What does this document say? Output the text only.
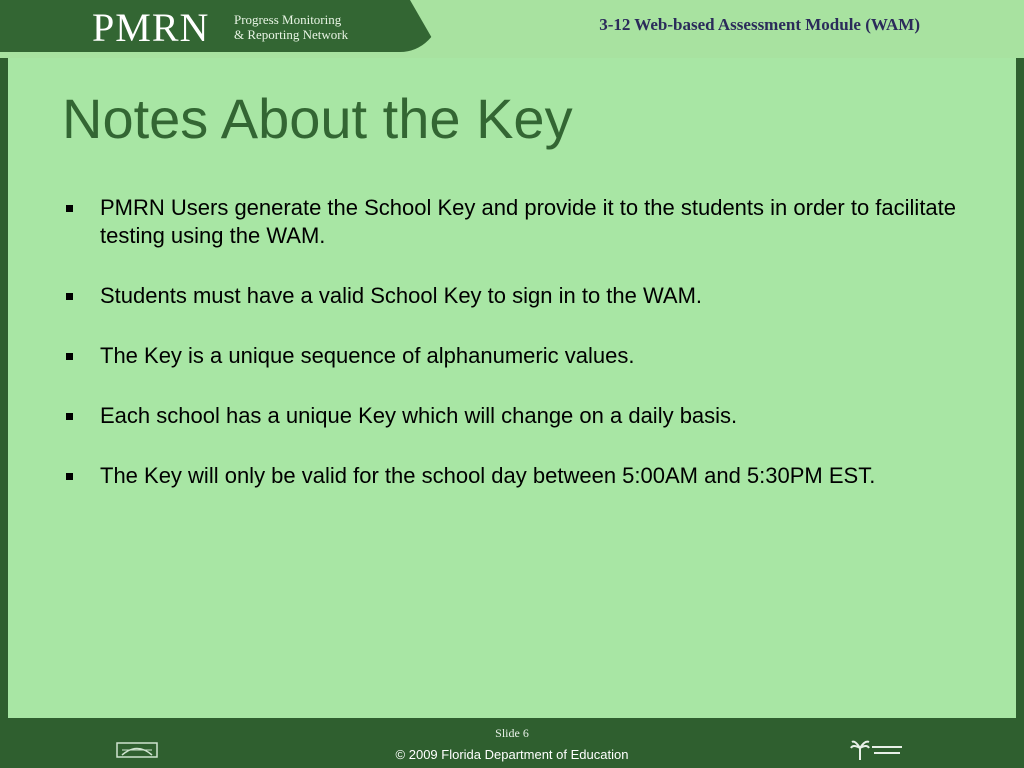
PMRN Progress Monitoring
& Reporting Network
3-12 Web-based Assessment Module (WAM)
Notes About the Key
PMRN Users generate the School Key and provide it to the students in order to facilitate testing using the WAM.
Students must have a valid School Key to sign in to the WAM.
The Key is a unique sequence of alphanumeric values.
Each school has a unique Key which will change on a daily basis.
The Key will only be valid for the school day between 5:00AM and 5:30PM EST.
Slide 6
© 2009 Florida Department of Education
